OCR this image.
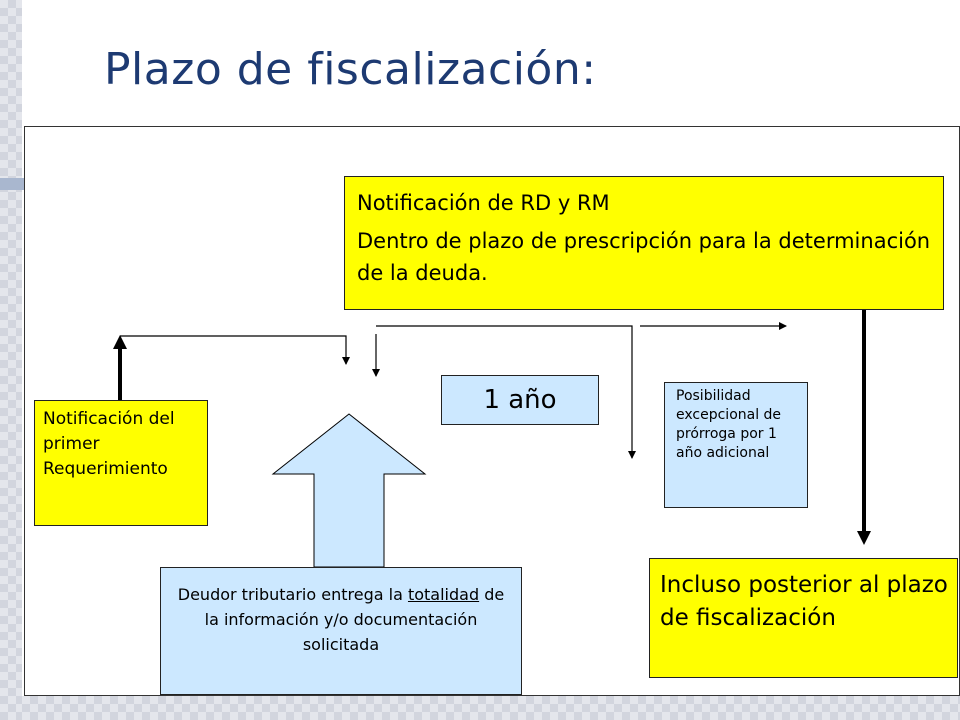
Plazo de fiscalización:

Notificación de RD y RM

Dentro de plazo de prescripción para la determinación de la deuda.

Notificación del primer Requerimiento
1 año	Posibilidad excepcional de prórroga por 1 año adicional
Deudor tributario entrega la totalidad de la información y/o documentación solicitada
Incluso posterior al plazo de fiscalización
